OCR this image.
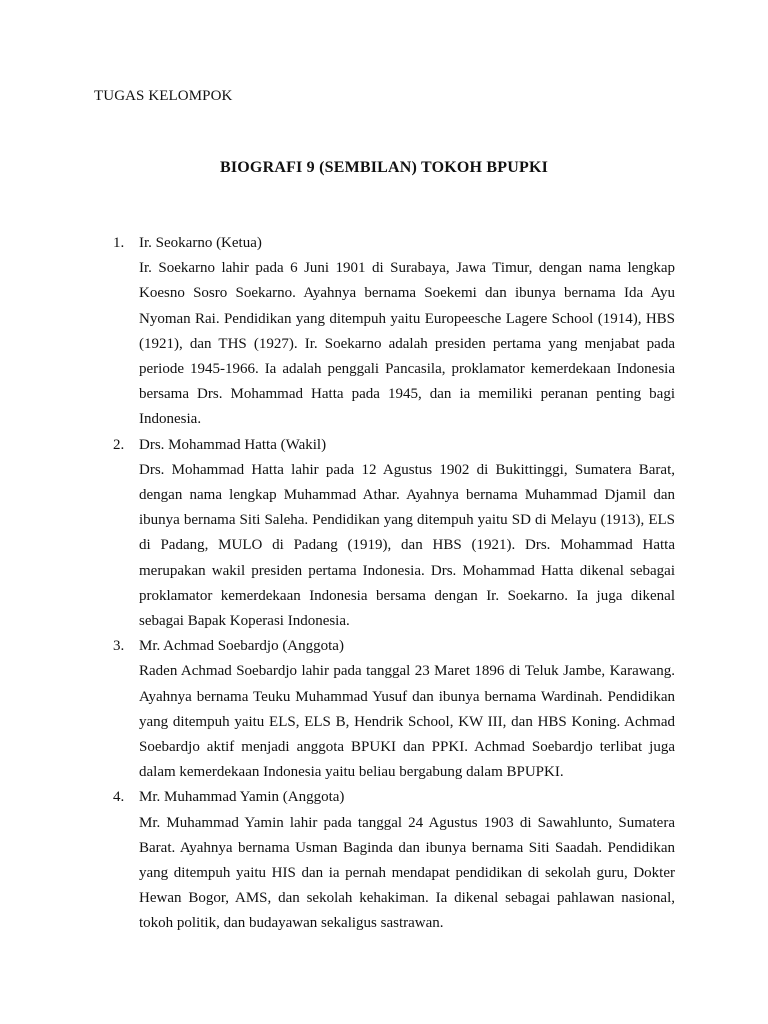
TUGAS KELOMPOK
BIOGRAFI 9 (SEMBILAN) TOKOH BPUPKI
1. Ir. Seokarno (Ketua)

Ir. Soekarno lahir pada 6 Juni 1901 di Surabaya, Jawa Timur, dengan nama lengkap Koesno Sosro Soekarno. Ayahnya bernama Soekemi dan ibunya bernama Ida Ayu Nyoman Rai. Pendidikan yang ditempuh yaitu Europeesche Lagere School (1914), HBS (1921), dan THS (1927). Ir. Soekarno adalah presiden pertama yang menjabat pada periode 1945-1966. Ia adalah penggali Pancasila, proklamator kemerdekaan Indonesia bersama Drs. Mohammad Hatta pada 1945, dan ia memiliki peranan penting bagi Indonesia.

2. Drs. Mohammad Hatta (Wakil)

Drs. Mohammad Hatta lahir pada 12 Agustus 1902 di Bukittinggi, Sumatera Barat, dengan nama lengkap Muhammad Athar. Ayahnya bernama Muhammad Djamil dan ibunya bernama Siti Saleha. Pendidikan yang ditempuh yaitu SD di Melayu (1913), ELS di Padang, MULO di Padang (1919), dan HBS (1921). Drs. Mohammad Hatta merupakan wakil presiden pertama Indonesia. Drs. Mohammad Hatta dikenal sebagai proklamator kemerdekaan Indonesia bersama dengan Ir. Soekarno. Ia juga dikenal sebagai Bapak Koperasi Indonesia.

3. Mr. Achmad Soebardjo (Anggota)

Raden Achmad Soebardjo lahir pada tanggal 23 Maret 1896 di Teluk Jambe, Karawang. Ayahnya bernama Teuku Muhammad Yusuf dan ibunya bernama Wardinah. Pendidikan yang ditempuh yaitu ELS, ELS B, Hendrik School, KW III, dan HBS Koning. Achmad Soebardjo aktif menjadi anggota BPUKI dan PPKI. Achmad Soebardjo terlibat juga dalam kemerdekaan Indonesia yaitu beliau bergabung dalam BPUPKI.

4. Mr. Muhammad Yamin (Anggota)

Mr. Muhammad Yamin lahir pada tanggal 24 Agustus 1903 di Sawahlunto, Sumatera Barat. Ayahnya bernama Usman Baginda dan ibunya bernama Siti Saadah. Pendidikan yang ditempuh yaitu HIS dan ia pernah mendapat pendidikan di sekolah guru, Dokter Hewan Bogor, AMS, dan sekolah kehakiman. Ia dikenal sebagai pahlawan nasional, tokoh politik, dan budayawan sekaligus sastrawan.
